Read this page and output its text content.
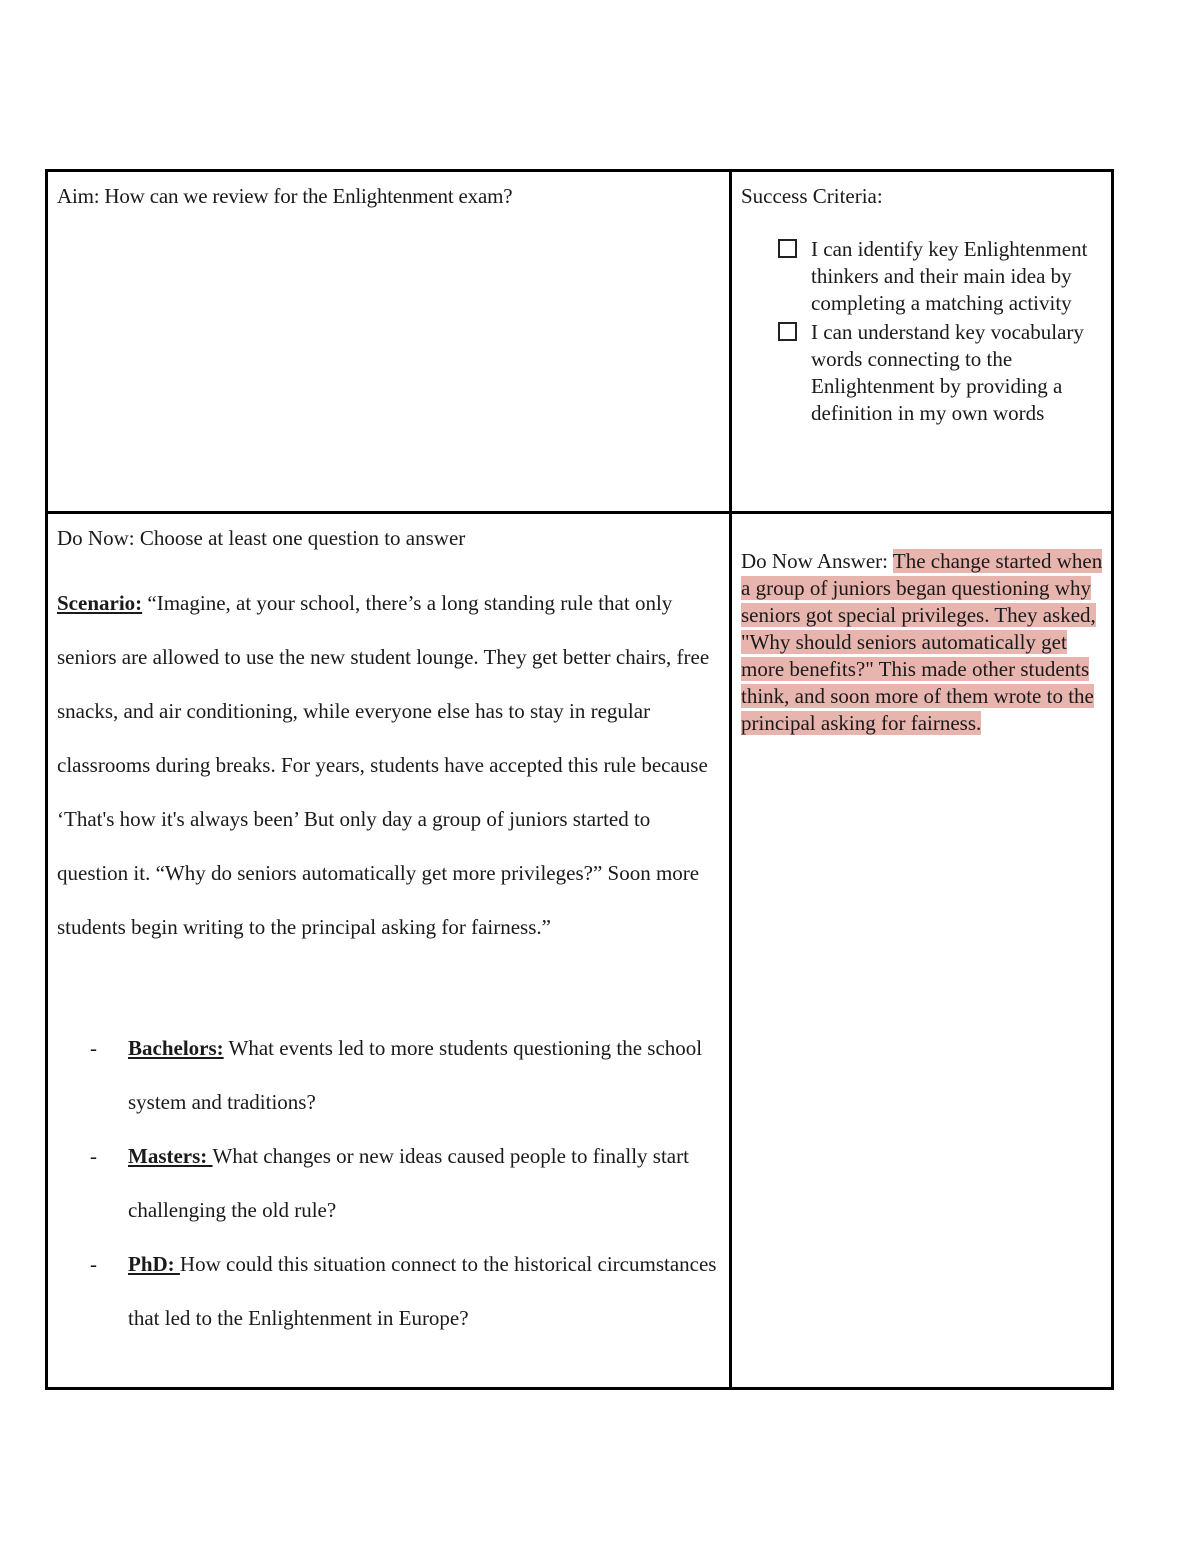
Aim: How can we review for the Enlightenment exam?	Success Criteria:
I can identify key Enlightenment thinkers and their main idea by completing a matching activity
I can understand key vocabulary words connecting to the Enlightenment by providing a definition in my own words
Do Now: Choose at least one question to answer

Scenario: “Imagine, at your school, there’s a long standing rule that only seniors are allowed to use the new student lounge. They get better chairs, free snacks, and air conditioning, while everyone else has to stay in regular classrooms during breaks. For years, students have accepted this rule because ‘That's how it's always been’ But only day a group of juniors started to question it. “Why do seniors automatically get more privileges?” Soon more students begin writing to the principal asking for fairness.”

- Bachelors: What events led to more students questioning the school system and traditions?
- Masters: What changes or new ideas caused people to finally start challenging the old rule?
- PhD: How could this situation connect to the historical circumstances that led to the Enlightenment in Europe?
Do Now Answer: The change started when a group of juniors began questioning why seniors got special privileges. They asked, "Why should seniors automatically get more benefits?" This made other students think, and soon more of them wrote to the principal asking for fairness.
